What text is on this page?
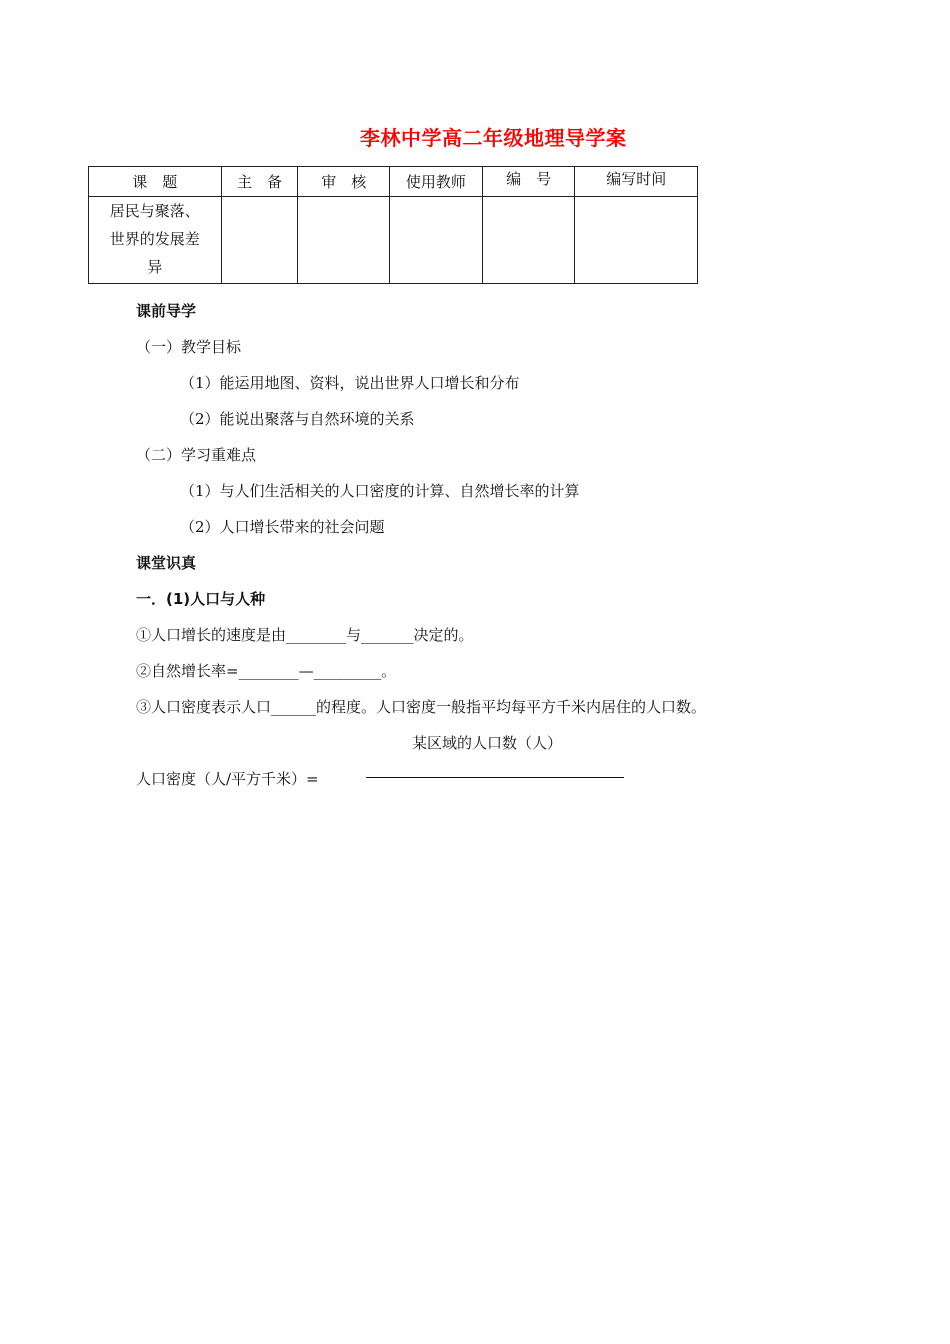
李林中学高二年级地理导学案
课　题	主　备	审　核	使用教师	编　号	编写时间

居民与聚落、
世界的发展差
异					

课前导学
（一）教学目标
（1）能运用地图、资料，说出世界人口增长和分布
（2）能说出聚落与自然环境的关系
（二）学习重难点
（1）与人们生活相关的人口密度的计算、自然增长率的计算
（2）人口增长带来的社会问题
课堂识真
一．(1)人口与人种
①人口增长的速度是由________与_______决定的。
②自然增长率=________—_________。
③人口密度表示人口______的程度。人口密度一般指平均每平方千米内居住的人口数。
某区域的人口数（人）
人口密度（人/平方千米）=
